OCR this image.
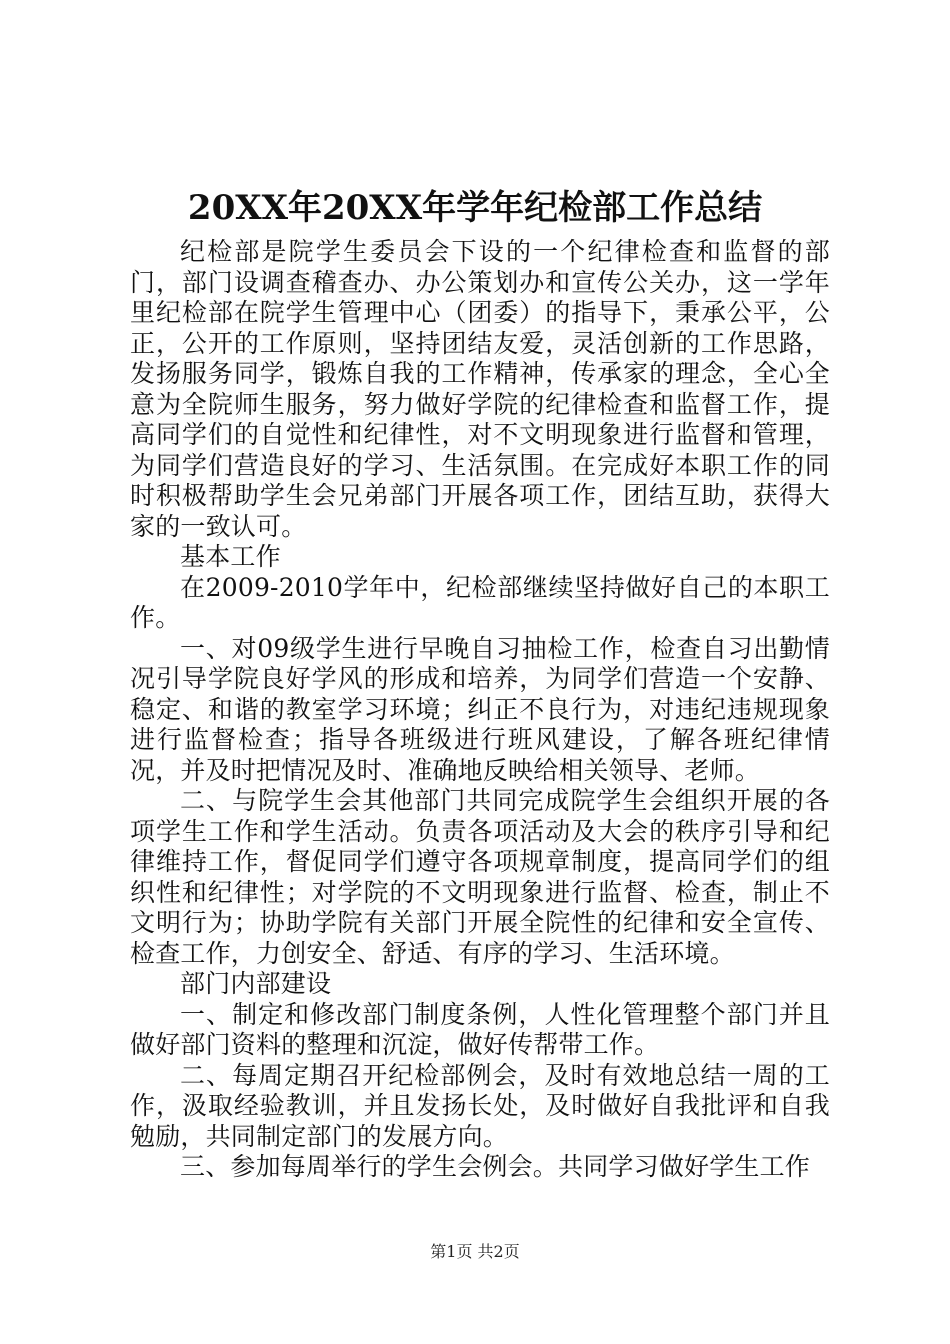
20XX年20XX年学年纪检部工作总结

纪检部是院学生委员会下设的一个纪律检查和监督的部门，部门设调查稽查办、办公策划办和宣传公关办，这一学年里纪检部在院学生管理中心（团委）的指导下，秉承公平，公正，公开的工作原则，坚持团结友爱，灵活创新的工作思路，发扬服务同学，锻炼自我的工作精神，传承家的理念，全心全意为全院师生服务，努力做好学院的纪律检查和监督工作，提高同学们的自觉性和纪律性，对不文明现象进行监督和管理，为同学们营造良好的学习、生活氛围。在完成好本职工作的同时积极帮助学生会兄弟部门开展各项工作，团结互助，获得大家的一致认可。

基本工作

在2009-2010学年中，纪检部继续坚持做好自己的本职工作。

一、对09级学生进行早晚自习抽检工作，检查自习出勤情况引导学院良好学风的形成和培养，为同学们营造一个安静、稳定、和谐的教室学习环境；纠正不良行为，对违纪违规现象进行监督检查；指导各班级进行班风建设，了解各班纪律情况，并及时把情况及时、准确地反映给相关领导、老师。

二、与院学生会其他部门共同完成院学生会组织开展的各项学生工作和学生活动。负责各项活动及大会的秩序引导和纪律维持工作，督促同学们遵守各项规章制度，提高同学们的组织性和纪律性；对学院的不文明现象进行监督、检查，制止不文明行为；协助学院有关部门开展全院性的纪律和安全宣传、检查工作，力创安全、舒适、有序的学习、生活环境。

部门内部建设

一、制定和修改部门制度条例，人性化管理整个部门并且做好部门资料的整理和沉淀，做好传帮带工作。

二、每周定期召开纪检部例会，及时有效地总结一周的工作，汲取经验教训，并且发扬长处，及时做好自我批评和自我勉励，共同制定部门的发展方向。

三、参加每周举行的学生会例会。共同学习做好学生工作

第1页 共2页
